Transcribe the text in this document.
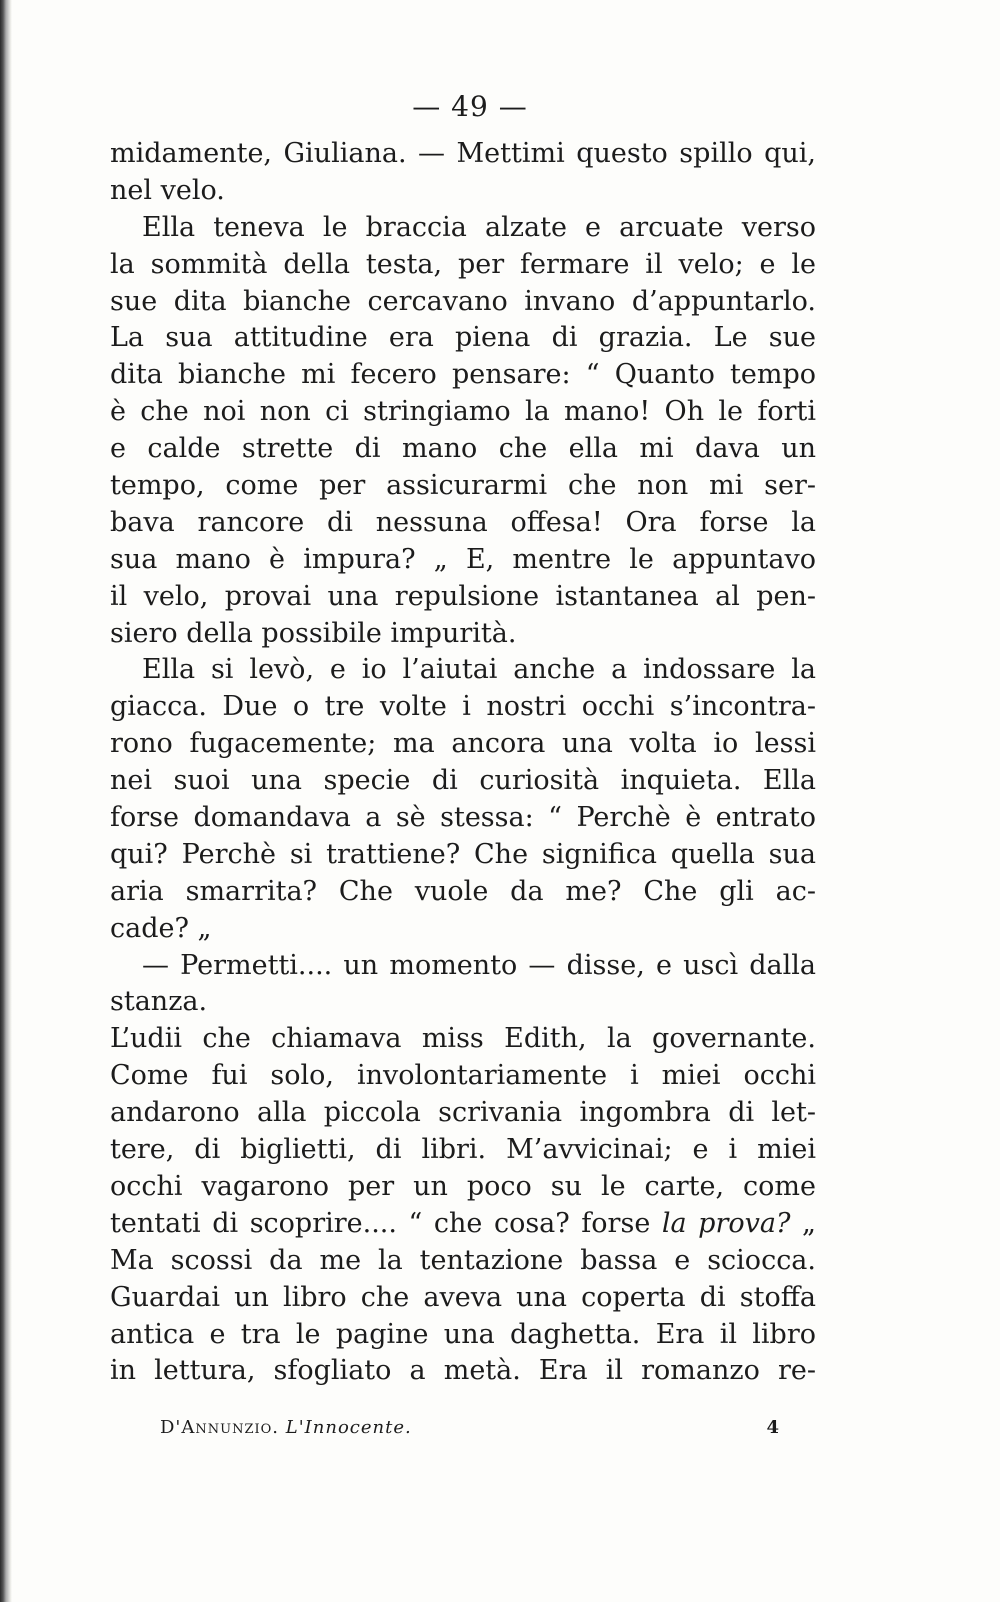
— 49 —
midamente, Giuliana. — Mettimi questo spillo qui,
nel velo.
Ella teneva le braccia alzate e arcuate verso
la sommità della testa, per fermare il velo; e le
sue dita bianche cercavano invano d’appuntarlo.
La sua attitudine era piena di grazia. Le sue
dita bianche mi fecero pensare: “ Quanto tempo
è che noi non ci stringiamo la mano! Oh le forti
e calde strette di mano che ella mi dava un
tempo, come per assicurarmi che non mi ser-
bava rancore di nessuna offesa! Ora forse la
sua mano è impura? „ E, mentre le appuntavo
il velo, provai una repulsione istantanea al pen-
siero della possibile impurità.
Ella si levò, e io l’aiutai anche a indossare la
giacca. Due o tre volte i nostri occhi s’incontra-
rono fugacemente; ma ancora una volta io lessi
nei suoi una specie di curiosità inquieta. Ella
forse domandava a sè stessa: “ Perchè è entrato
qui? Perchè si trattiene? Che significa quella sua
aria smarrita? Che vuole da me? Che gli ac-
cade? „
— Permetti.... un momento — disse, e uscì dalla
stanza.
L’udii che chiamava miss Edith, la governante.
Come fui solo, involontariamente i miei occhi
andarono alla piccola scrivania ingombra di let-
tere, di biglietti, di libri. M’avvicinai; e i miei
occhi vagarono per un poco su le carte, come
tentati di scoprire.... “ che cosa? forse la prova? „
Ma scossi da me la tentazione bassa e sciocca.
Guardai un libro che aveva una coperta di stoffa
antica e tra le pagine una daghetta. Era il libro
in lettura, sfogliato a metà. Era il romanzo re-
D'Annunzio. L'Innocente.	4
